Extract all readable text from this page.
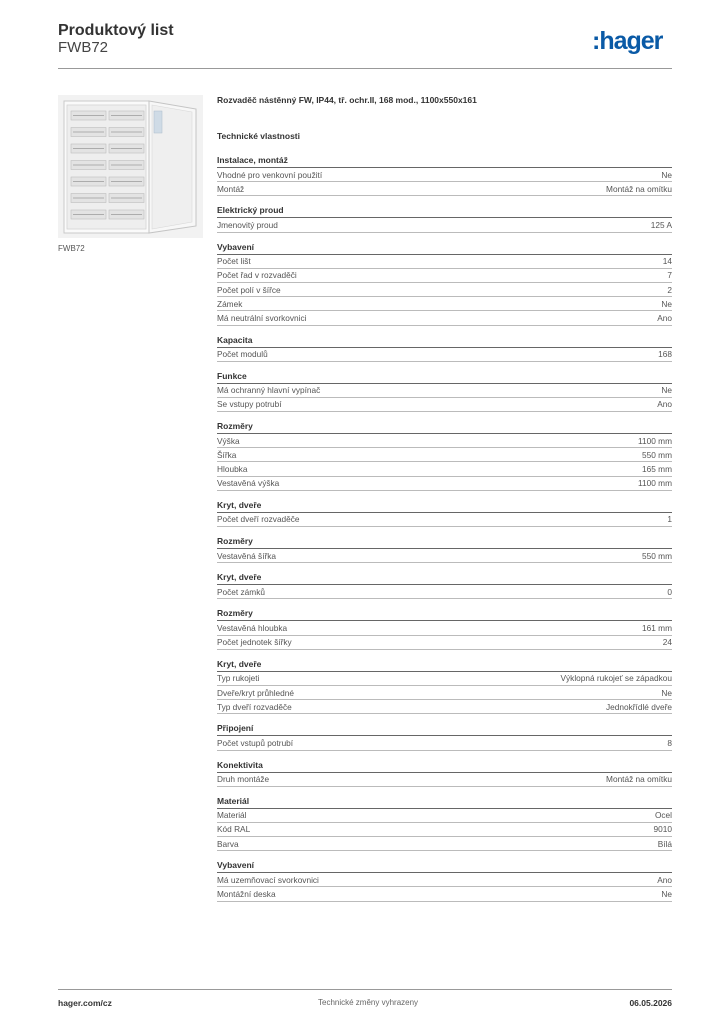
Produktový list
FWB72	:hager
FWB72
Rozvaděč nástěnný FW, IP44, tř. ochr.II, 168 mod., 1100x550x161
Technické vlastnosti
Instalace, montáž
Vhodné pro venkovní použití	Ne
Montáž	Montáž na omítku
Elektrický proud
Jmenovitý proud	125 A
Vybavení
Počet lišt	14
Počet řad v rozvaděči	7
Počet polí v šířce	2
Zámek	Ne
Má neutrální svorkovnici	Ano
Kapacita
Počet modulů	168
Funkce
Má ochranný hlavní vypínač	Ne
Se vstupy potrubí	Ano
Rozměry
Výška	1100 mm
Šířka	550 mm
Hloubka	165 mm
Vestavěná výška	1100 mm
Kryt, dveře
Počet dveří rozvaděče	1
Rozměry
Vestavěná šířka	550 mm
Kryt, dveře
Počet zámků	0
Rozměry
Vestavěná hloubka	161 mm
Počet jednotek šířky	24
Kryt, dveře
Typ rukojeti	Výklopná rukojeť se západkou
Dveře/kryt průhledné	Ne
Typ dveří rozvaděče	Jednokřídlé dveře
Připojení
Počet vstupů potrubí	8
Konektivita
Druh montáže	Montáž na omítku
Materiál
Materiál	Ocel
Kód RAL	9010
Barva	Bílá
Vybavení
Má uzemňovací svorkovnici	Ano
Montážní deska	Ne
hager.com/cz	Technické změny vyhrazeny	06.05.2026
